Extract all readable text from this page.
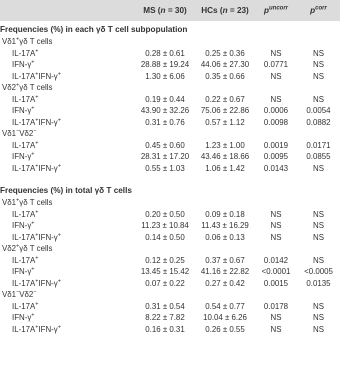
	MS (n = 30)	HCs (n = 23)	$p^{uncorr}$	$p^{corr}$
Frequencies (%) in each γδ T cell subpopulation				
Vδ1+γδ T cells				
IL-17A+	0.28 ± 0.61	0.25 ± 0.36	NS	NS
IFN-γ+	28.88 ± 19.24	44.06 ± 27.30	0.0771	NS
IL-17A+IFN-γ+	1.30 ± 6.06	0.35 ± 0.66	NS	NS
Vδ2+γδ T cells				
IL-17A+	0.19 ± 0.44	0.22 ± 0.67	NS	NS
IFN-γ+	43.90 ± 32.26	75.06 ± 22.86	0.0006	0.0054
IL-17A+IFN-γ+	0.31 ± 0.76	0.57 ± 1.12	0.0098	0.0882
Vδ1−Vδ2−
IL-17A+	0.45 ± 0.60	1.23 ± 1.00	0.0019	0.0171
IFN-γ+	28.31 ± 17.20	43.46 ± 18.66	0.0095	0.0855
IL-17A+IFN-γ+	0.55 ± 1.03	1.06 ± 1.42	0.0143	NS

Frequencies (%) in total γδ T cells				
Vδ1+γδ T cells				
IL-17A+	0.20 ± 0.50	0.09 ± 0.18	NS	NS
IFN-γ+	11.23 ± 10.84	11.43 ± 16.29	NS	NS
IL-17A+IFN-γ+	0.14 ± 0.50	0.06 ± 0.13	NS	NS
Vδ2+γδ T cells				
IL-17A+	0.12 ± 0.25	0.37 ± 0.67	0.0142	NS
IFN-γ+	13.45 ± 15.42	41.16 ± 22.82	<0.0001	<0.0005
IL-17A+IFN-γ+	0.07 ± 0.22	0.27 ± 0.42	0.0015	0.0135
Vδ1−Vδ2−
IL-17A+	0.31 ± 0.54	0.54 ± 0.77	0.0178	NS
IFN-γ+	8.22 ± 7.82	10.04 ± 6.26	NS	NS
IL-17A+IFN-γ+	0.16 ± 0.31	0.26 ± 0.55	NS	NS
